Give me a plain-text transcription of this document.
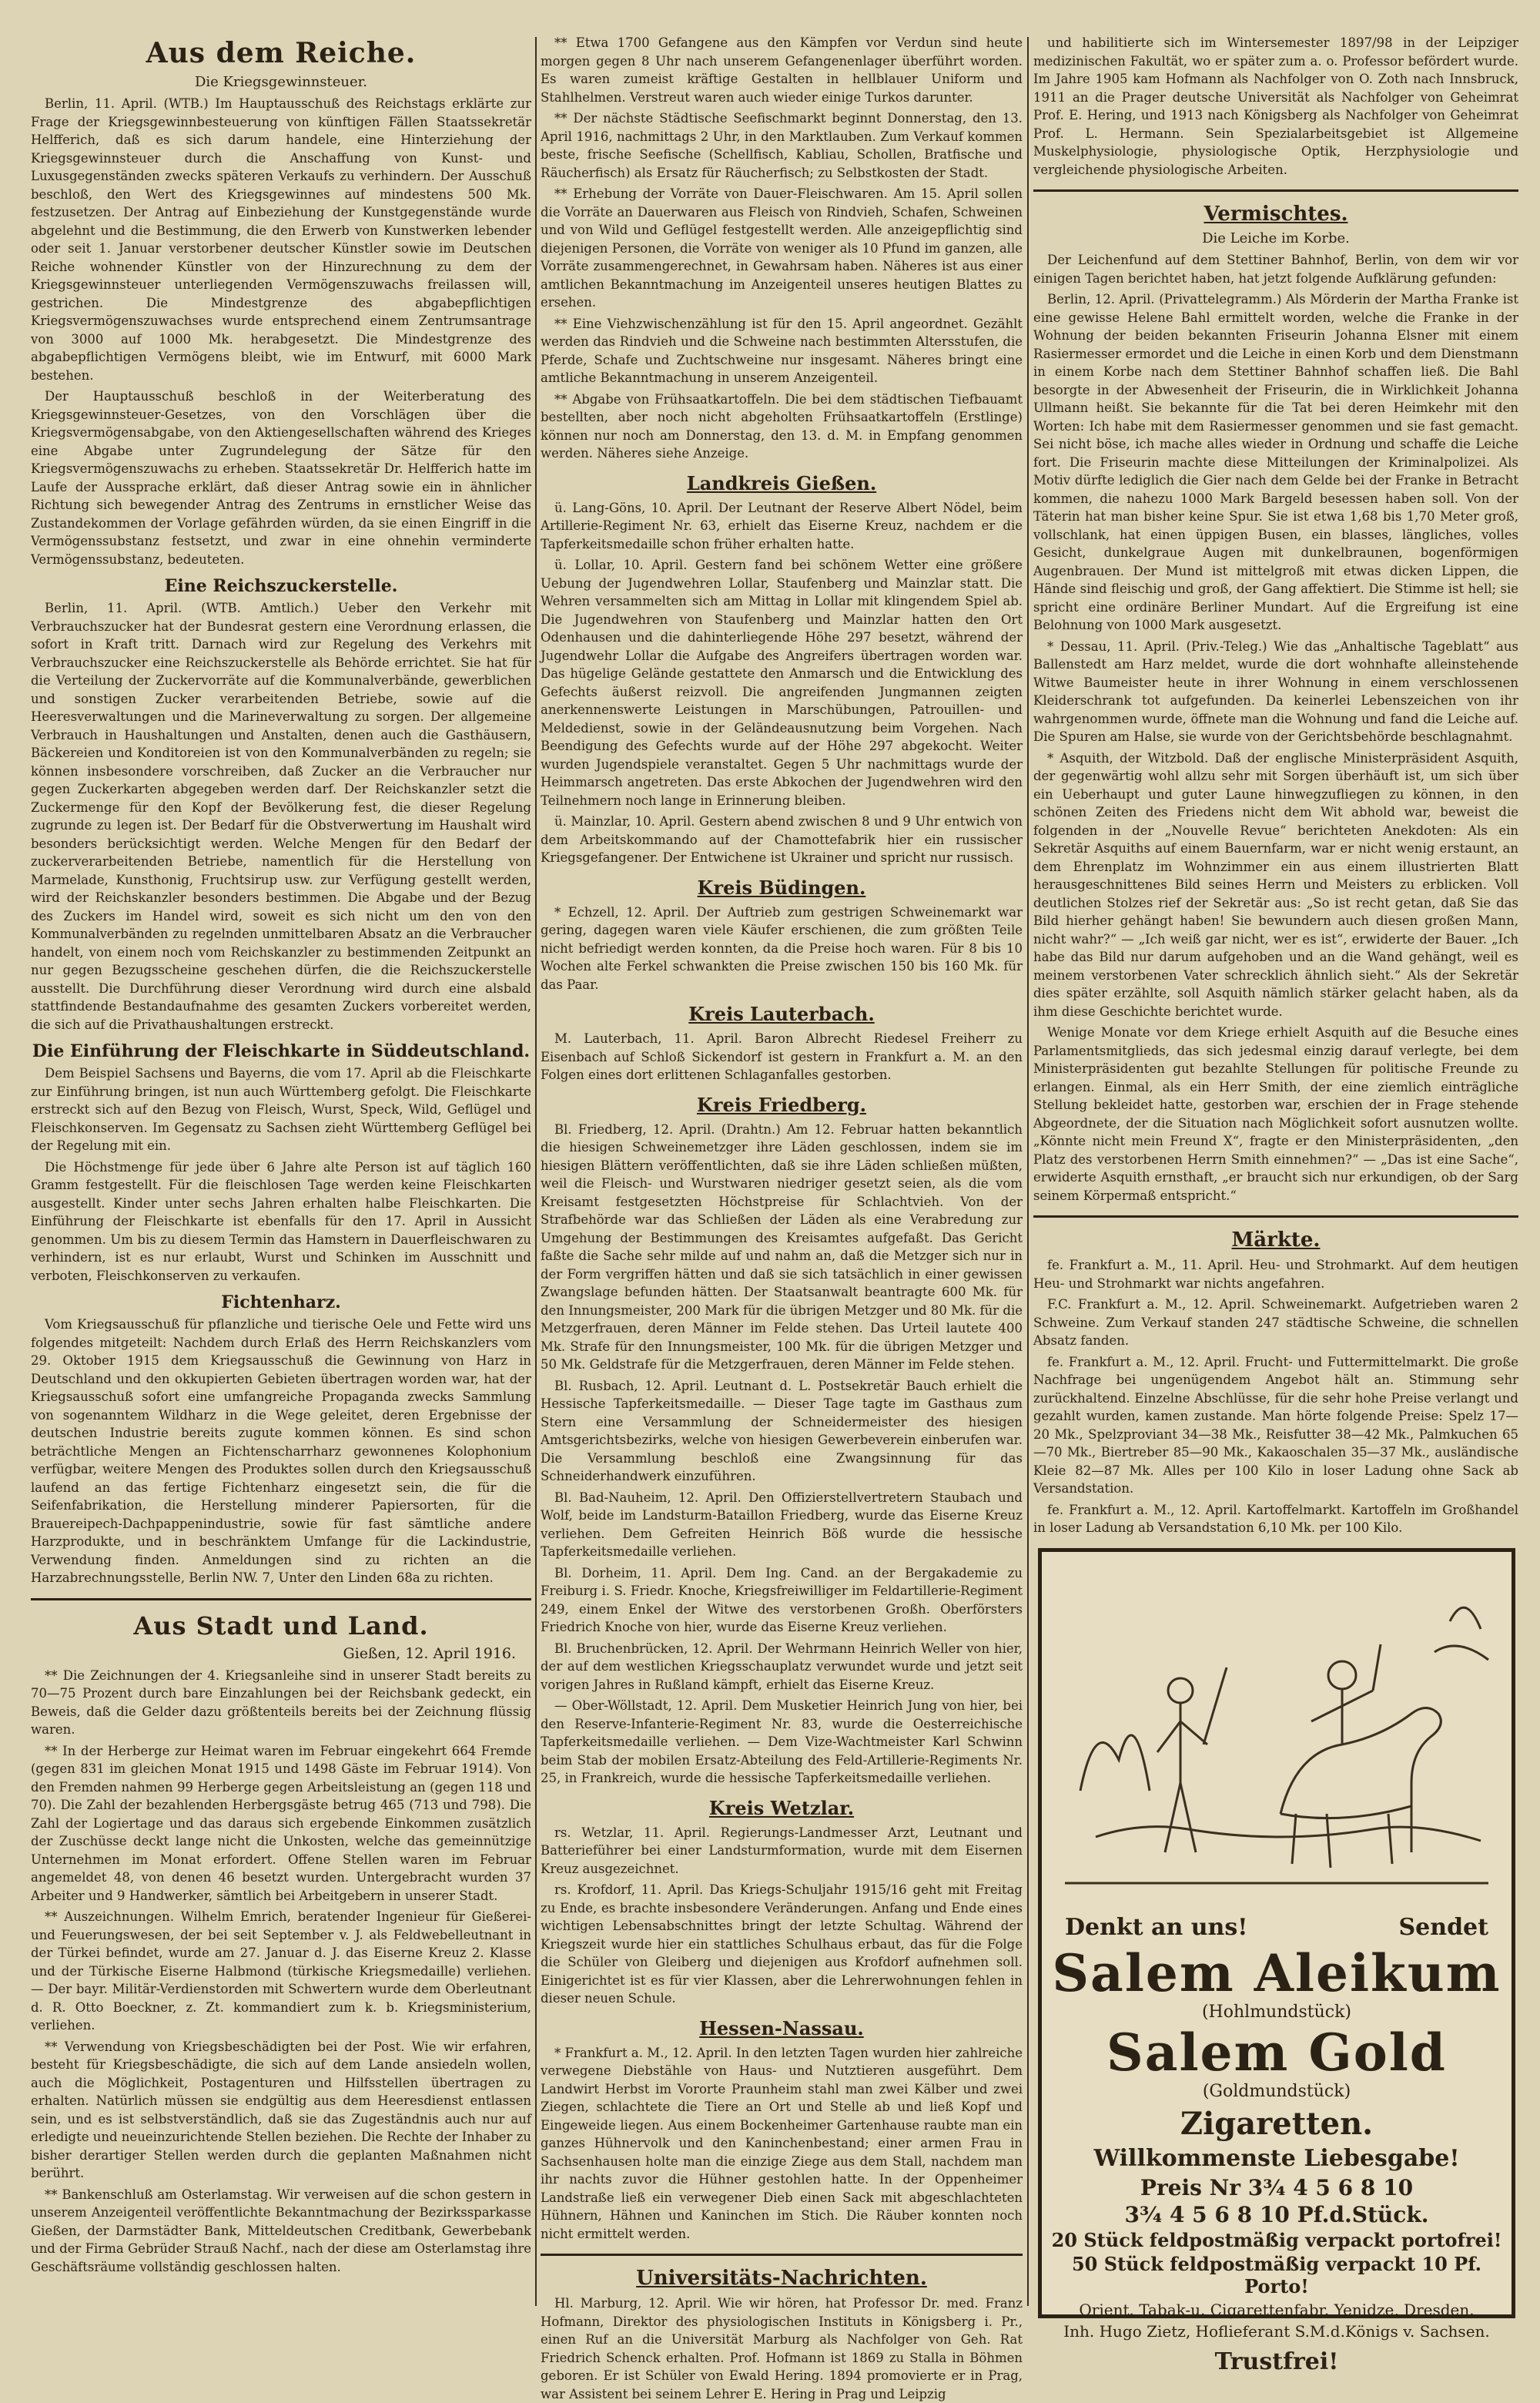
Aus dem Reiche.
Die Kriegsgewinnsteuer.

Berlin, 11. April. (WTB.) Im Hauptausschuß des Reichstags erklärte zur Frage der Kriegsgewinnbesteuerung von künftigen Fällen Staatssekretär Helfferich, daß es sich darum handele, eine Hinterziehung der Kriegsgewinnsteuer durch die Anschaffung von Kunst- und Luxusgegenständen zwecks späteren Verkaufs zu verhindern. Der Ausschuß beschloß, den Wert des Kriegsgewinnes auf mindestens 500 Mk. festzusetzen. Der Antrag auf Einbeziehung der Kunstgegenstände wurde abgelehnt und die Bestimmung, die den Erwerb von Kunstwerken lebender oder seit 1. Januar verstorbener deutscher Künstler sowie im Deutschen Reiche wohnender Künstler von der Hinzurechnung zu dem der Kriegsgewinnsteuer unterliegenden Vermögenszuwachs freilassen will, gestrichen. Die Mindestgrenze des abgabepflichtigen Kriegsvermögenszuwachses wurde entsprechend einem Zentrumsantrage von 3000 auf 1000 Mk. herabgesetzt. Die Mindestgrenze des abgabepflichtigen Vermögens bleibt, wie im Entwurf, mit 6000 Mark bestehen.

Der Hauptausschuß beschloß in der Weiterberatung des Kriegsgewinnsteuer-Gesetzes, von den Vorschlägen über die Kriegsvermögensabgabe, von den Aktiengesellschaften während des Krieges eine Abgabe unter Zugrundelegung der Sätze für den Kriegsvermögenszuwachs zu erheben. Staatssekretär Dr. Helfferich hatte im Laufe der Aussprache erklärt, daß dieser Antrag sowie ein in ähnlicher Richtung sich bewegender Antrag des Zentrums in ernstlicher Weise das Zustandekommen der Vorlage gefährden würden, da sie einen Eingriff in die Vermögenssubstanz festsetzt, und zwar in eine ohnehin verminderte Vermögenssubstanz, bedeuteten.

Eine Reichszuckerstelle.

Berlin, 11. April. (WTB. Amtlich.) Ueber den Verkehr mit Verbrauchszucker hat der Bundesrat gestern eine Verordnung erlassen, die sofort in Kraft tritt. Darnach wird zur Regelung des Verkehrs mit Verbrauchszucker eine Reichszuckerstelle als Behörde errichtet. Sie hat für die Verteilung der Zuckervorräte auf die Kommunalverbände, gewerblichen und sonstigen Zucker verarbeitenden Betriebe, sowie auf die Heeresverwaltungen und die Marineverwaltung zu sorgen. Der allgemeine Verbrauch in Haushaltungen und Anstalten, denen auch die Gasthäusern, Bäckereien und Konditoreien ist von den Kommunalverbänden zu regeln; sie können insbesondere vorschreiben, daß Zucker an die Verbraucher nur gegen Zuckerkarten abgegeben werden darf. Der Reichskanzler setzt die Zuckermenge für den Kopf der Bevölkerung fest, die dieser Regelung zugrunde zu legen ist. Der Bedarf für die Obstverwertung im Haushalt wird besonders berücksichtigt werden. Welche Mengen für den Bedarf der zuckerverarbeitenden Betriebe, namentlich für die Herstellung von Marmelade, Kunsthonig, Fruchtsirup usw. zur Verfügung gestellt werden, wird der Reichskanzler besonders bestimmen. Die Abgabe und der Bezug des Zuckers im Handel wird, soweit es sich nicht um den von den Kommunalverbänden zu regelnden unmittelbaren Absatz an die Verbraucher handelt, von einem noch vom Reichskanzler zu bestimmenden Zeitpunkt an nur gegen Bezugsscheine geschehen dürfen, die die Reichszuckerstelle ausstellt. Die Durchführung dieser Verordnung wird durch eine alsbald stattfindende Bestandaufnahme des gesamten Zuckers vorbereitet werden, die sich auf die Privathaushaltungen erstreckt.

Die Einführung der Fleischkarte in Süddeutschland.

Dem Beispiel Sachsens und Bayerns, die vom 17. April ab die Fleischkarte zur Einführung bringen, ist nun auch Württemberg gefolgt. Die Fleischkarte erstreckt sich auf den Bezug von Fleisch, Wurst, Speck, Wild, Geflügel und Fleischkonserven. Im Gegensatz zu Sachsen zieht Württemberg Geflügel bei der Regelung mit ein.

Die Höchstmenge für jede über 6 Jahre alte Person ist auf täglich 160 Gramm festgestellt. Für die fleischlosen Tage werden keine Fleischkarten ausgestellt. Kinder unter sechs Jahren erhalten halbe Fleischkarten. Die Einführung der Fleischkarte ist ebenfalls für den 17. April in Aussicht genommen. Um bis zu diesem Termin das Hamstern in Dauerfleischwaren zu verhindern, ist es nur erlaubt, Wurst und Schinken im Ausschnitt und verboten, Fleischkonserven zu verkaufen.

Fichtenharz.

Vom Kriegsausschuß für pflanzliche und tierische Oele und Fette wird uns folgendes mitgeteilt: Nachdem durch Erlaß des Herrn Reichskanzlers vom 29. Oktober 1915 dem Kriegsausschuß die Gewinnung von Harz in Deutschland und den okkupierten Gebieten übertragen worden war, hat der Kriegsausschuß sofort eine umfangreiche Propaganda zwecks Sammlung von sogenanntem Wildharz in die Wege geleitet, deren Ergebnisse der deutschen Industrie bereits zugute kommen können. Es sind schon beträchtliche Mengen an Fichtenscharrharz gewonnenes Kolophonium verfügbar, weitere Mengen des Produktes sollen durch den Kriegsausschuß laufend an das fertige Fichtenharz eingesetzt sein, die für die Seifenfabrikation, die Herstellung minderer Papiersorten, für die Brauereipech-Dachpappenindustrie, sowie für fast sämtliche andere Harzprodukte, und in beschränktem Umfange für die Lackindustrie, Verwendung finden. Anmeldungen sind zu richten an die Harzabrechnungsstelle, Berlin NW. 7, Unter den Linden 68a zu richten.

Aus Stadt und Land.
Gießen, 12. April 1916.

** Die Zeichnungen der 4. Kriegsanleihe sind in unserer Stadt bereits zu 70—75 Prozent durch bare Einzahlungen bei der Reichsbank gedeckt, ein Beweis, daß die Gelder dazu größtenteils bereits bei der Zeichnung flüssig waren.

** In der Herberge zur Heimat waren im Februar eingekehrt 664 Fremde (gegen 831 im gleichen Monat 1915 und 1498 Gäste im Februar 1914). Von den Fremden nahmen 99 Herberge gegen Arbeitsleistung an (gegen 118 und 70). Die Zahl der bezahlenden Herbergsgäste betrug 465 (713 und 798). Die Zahl der Logiertage und das daraus sich ergebende Einkommen zusätzlich der Zuschüsse deckt lange nicht die Unkosten, welche das gemeinnützige Unternehmen im Monat erfordert. Offene Stellen waren im Februar angemeldet 48, von denen 46 besetzt wurden. Untergebracht wurden 37 Arbeiter und 9 Handwerker, sämtlich bei Arbeitgebern in unserer Stadt.

** Auszeichnungen. Wilhelm Emrich, beratender Ingenieur für Gießerei- und Feuerungswesen, der bei seit September v. J. als Feldwebelleutnant in der Türkei befindet, wurde am 27. Januar d. J. das Eiserne Kreuz 2. Klasse und der Türkische Eiserne Halbmond (türkische Kriegsmedaille) verliehen. — Der bayr. Militär-Verdienstorden mit Schwertern wurde dem Oberleutnant d. R. Otto Boeckner, z. Zt. kommandiert zum k. b. Kriegsministerium, verliehen.

** Verwendung von Kriegsbeschädigten bei der Post. Wie wir erfahren, besteht für Kriegsbeschädigte, die sich auf dem Lande ansiedeln wollen, auch die Möglichkeit, Postagenturen und Hilfsstellen übertragen zu erhalten. Natürlich müssen sie endgültig aus dem Heeresdienst entlassen sein, und es ist selbstverständlich, daß sie das Zugeständnis auch nur auf erledigte und neueinzurichtende Stellen beziehen. Die Rechte der Inhaber zu bisher derartiger Stellen werden durch die geplanten Maßnahmen nicht berührt.

** Bankenschluß am Osterlamstag. Wir verweisen auf die schon gestern in unserem Anzeigenteil veröffentlichte Bekanntmachung der Bezirkssparkasse Gießen, der Darmstädter Bank, Mitteldeutschen Creditbank, Gewerbebank und der Firma Gebrüder Strauß Nachf., nach der diese am Osterlamstag ihre Geschäftsräume vollständig geschlossen halten.

** Etwa 1700 Gefangene aus den Kämpfen vor Verdun sind heute morgen gegen 8 Uhr nach unserem Gefangenenlager überführt worden. Es waren zumeist kräftige Gestalten in hellblauer Uniform und Stahlhelmen. Verstreut waren auch wieder einige Turkos darunter.

** Der nächste Städtische Seefischmarkt beginnt Donnerstag, den 13. April 1916, nachmittags 2 Uhr, in den Marktlauben. Zum Verkauf kommen beste, frische Seefische (Schellfisch, Kabliau, Schollen, Bratfische und Räucherfisch) als Ersatz für Räucherfisch; zu Selbstkosten der Stadt.

** Erhebung der Vorräte von Dauer-Fleischwaren. Am 15. April sollen die Vorräte an Dauerwaren aus Fleisch von Rindvieh, Schafen, Schweinen und von Wild und Geflügel festgestellt werden. Alle anzeigepflichtig sind diejenigen Personen, die Vorräte von weniger als 10 Pfund im ganzen, alle Vorräte zusammengerechnet, in Gewahrsam haben. Näheres ist aus einer amtlichen Bekanntmachung im Anzeigenteil unseres heutigen Blattes zu ersehen.

** Eine Viehzwischenzählung ist für den 15. April angeordnet. Gezählt werden das Rindvieh und die Schweine nach bestimmten Altersstufen, die Pferde, Schafe und Zuchtschweine nur insgesamt. Näheres bringt eine amtliche Bekanntmachung in unserem Anzeigenteil.

** Abgabe von Frühsaatkartoffeln. Die bei dem städtischen Tiefbauamt bestellten, aber noch nicht abgeholten Frühsaatkartoffeln (Erstlinge) können nur noch am Donnerstag, den 13. d. M. in Empfang genommen werden. Näheres siehe Anzeige.

Landkreis Gießen.

ü. Lang-Göns, 10. April. Der Leutnant der Reserve Albert Nödel, beim Artillerie-Regiment Nr. 63, erhielt das Eiserne Kreuz, nachdem er die Tapferkeitsmedaille schon früher erhalten hatte.

ü. Lollar, 10. April. Gestern fand bei schönem Wetter eine größere Uebung der Jugendwehren Lollar, Staufenberg und Mainzlar statt. Die Wehren versammelten sich am Mittag in Lollar mit klingendem Spiel ab. Die Jugendwehren von Staufenberg und Mainzlar hatten den Ort Odenhausen und die dahinterliegende Höhe 297 besetzt, während der Jugendwehr Lollar die Aufgabe des Angreifers übertragen worden war. Das hügelige Gelände gestattete den Anmarsch und die Entwicklung des Gefechts äußerst reizvoll. Die angreifenden Jungmannen zeigten anerkennenswerte Leistungen in Marschübungen, Patrouillen- und Meldedienst, sowie in der Geländeausnutzung beim Vorgehen. Nach Beendigung des Gefechts wurde auf der Höhe 297 abgekocht. Weiter wurden Jugendspiele veranstaltet. Gegen 5 Uhr nachmittags wurde der Heimmarsch angetreten. Das erste Abkochen der Jugendwehren wird den Teilnehmern noch lange in Erinnerung bleiben.

ü. Mainzlar, 10. April. Gestern abend zwischen 8 und 9 Uhr entwich von dem Arbeitskommando auf der Chamottefabrik hier ein russischer Kriegsgefangener. Der Entwichene ist Ukrainer und spricht nur russisch.

Kreis Büdingen.

* Echzell, 12. April. Der Auftrieb zum gestrigen Schweinemarkt war gering, dagegen waren viele Käufer erschienen, die zum größten Teile nicht befriedigt werden konnten, da die Preise hoch waren. Für 8 bis 10 Wochen alte Ferkel schwankten die Preise zwischen 150 bis 160 Mk. für das Paar.

Kreis Lauterbach.

M. Lauterbach, 11. April. Baron Albrecht Riedesel Freiherr zu Eisenbach auf Schloß Sickendorf ist gestern in Frankfurt a. M. an den Folgen eines dort erlittenen Schlaganfalles gestorben.

Kreis Friedberg.

Bl. Friedberg, 12. April. (Drahtn.) Am 12. Februar hatten bekanntlich die hiesigen Schweinemetzger ihre Läden geschlossen, indem sie im hiesigen Blättern veröffentlichten, daß sie ihre Läden schließen müßten, weil die Fleisch- und Wurstwaren niedriger gesetzt seien, als die vom Kreisamt festgesetzten Höchstpreise für Schlachtvieh. Von der Strafbehörde war das Schließen der Läden als eine Verabredung zur Umgehung der Bestimmungen des Kreisamtes aufgefaßt. Das Gericht faßte die Sache sehr milde auf und nahm an, daß die Metzger sich nur in der Form vergriffen hätten und daß sie sich tatsächlich in einer gewissen Zwangslage befunden hätten. Der Staatsanwalt beantragte 600 Mk. für den Innungsmeister, 200 Mark für die übrigen Metzger und 80 Mk. für die Metzgerfrauen, deren Männer im Felde stehen. Das Urteil lautete 400 Mk. Strafe für den Innungsmeister, 100 Mk. für die übrigen Metzger und 50 Mk. Geldstrafe für die Metzgerfrauen, deren Männer im Felde stehen.

Bl. Rusbach, 12. April. Leutnant d. L. Postsekretär Bauch erhielt die Hessische Tapferkeitsmedaille. — Dieser Tage tagte im Gasthaus zum Stern eine Versammlung der Schneidermeister des hiesigen Amtsgerichtsbezirks, welche von hiesigen Gewerbeverein einberufen war. Die Versammlung beschloß eine Zwangsinnung für das Schneiderhandwerk einzuführen.

Bl. Bad-Nauheim, 12. April. Den Offizierstellvertretern Staubach und Wolf, beide im Landsturm-Bataillon Friedberg, wurde das Eiserne Kreuz verliehen. Dem Gefreiten Heinrich Böß wurde die hessische Tapferkeitsmedaille verliehen.

Bl. Dorheim, 11. April. Dem Ing. Cand. an der Bergakademie zu Freiburg i. S. Friedr. Knoche, Kriegsfreiwilliger im Feldartillerie-Regiment 249, einem Enkel der Witwe des verstorbenen Großh. Oberförsters Friedrich Knoche von hier, wurde das Eiserne Kreuz verliehen.

Bl. Bruchenbrücken, 12. April. Der Wehrmann Heinrich Weller von hier, der auf dem westlichen Kriegsschauplatz verwundet wurde und jetzt seit vorigen Jahres in Rußland kämpft, erhielt das Eiserne Kreuz.

— Ober-Wöllstadt, 12. April. Dem Musketier Heinrich Jung von hier, bei den Reserve-Infanterie-Regiment Nr. 83, wurde die Oesterreichische Tapferkeitsmedaille verliehen. — Dem Vize-Wachtmeister Karl Schwinn beim Stab der mobilen Ersatz-Abteilung des Feld-Artillerie-Regiments Nr. 25, in Frankreich, wurde die hessische Tapferkeitsmedaille verliehen.

Kreis Wetzlar.

rs. Wetzlar, 11. April. Regierungs-Landmesser Arzt, Leutnant und Batterieführer bei einer Landsturmformation, wurde mit dem Eisernen Kreuz ausgezeichnet.

rs. Krofdorf, 11. April. Das Kriegs-Schuljahr 1915/16 geht mit Freitag zu Ende, es brachte insbesondere Veränderungen. Anfang und Ende eines wichtigen Lebensabschnittes bringt der letzte Schultag. Während der Kriegszeit wurde hier ein stattliches Schulhaus erbaut, das für die Folge die Schüler von Gleiberg und diejenigen aus Krofdorf aufnehmen soll. Einigerichtet ist es für vier Klassen, aber die Lehrerwohnungen fehlen in dieser neuen Schule.

Hessen-Nassau.

* Frankfurt a. M., 12. April. In den letzten Tagen wurden hier zahlreiche verwegene Diebstähle von Haus- und Nutztieren ausgeführt. Dem Landwirt Herbst im Vororte Praunheim stahl man zwei Kälber und zwei Ziegen, schlachtete die Tiere an Ort und Stelle ab und ließ Kopf und Eingeweide liegen. Aus einem Bockenheimer Gartenhause raubte man ein ganzes Hühnervolk und den Kaninchenbestand; einer armen Frau in Sachsenhausen holte man die einzige Ziege aus dem Stall, nachdem man ihr nachts zuvor die Hühner gestohlen hatte. In der Oppenheimer Landstraße ließ ein verwegener Dieb einen Sack mit abgeschlachteten Hühnern, Hähnen und Kaninchen im Stich. Die Räuber konnten noch nicht ermittelt werden.

Universitäts-Nachrichten.

Hl. Marburg, 12. April. Wie wir hören, hat Professor Dr. med. Franz Hofmann, Direktor des physiologischen Instituts in Königsberg i. Pr., einen Ruf an die Universität Marburg als Nachfolger von Geh. Rat Friedrich Schenck erhalten. Prof. Hofmann ist 1869 zu Stalla in Böhmen geboren. Er ist Schüler von Ewald Hering. 1894 promovierte er in Prag, war Assistent bei seinem Lehrer E. Hering in Prag und Leipzig

und habilitierte sich im Wintersemester 1897/98 in der Leipziger medizinischen Fakultät, wo er später zum a. o. Professor befördert wurde. Im Jahre 1905 kam Hofmann als Nachfolger von O. Zoth nach Innsbruck, 1911 an die Prager deutsche Universität als Nachfolger von Geheimrat Prof. E. Hering, und 1913 nach Königsberg als Nachfolger von Geheimrat Prof. L. Hermann. Sein Spezialarbeitsgebiet ist Allgemeine Muskelphysiologie, physiologische Optik, Herzphysiologie und vergleichende physiologische Arbeiten.

Vermischtes.
Die Leiche im Korbe.

Der Leichenfund auf dem Stettiner Bahnhof, Berlin, von dem wir vor einigen Tagen berichtet haben, hat jetzt folgende Aufklärung gefunden:

Berlin, 12. April. (Privattelegramm.) Als Mörderin der Martha Franke ist eine gewisse Helene Bahl ermittelt worden, welche die Franke in der Wohnung der beiden bekannten Friseurin Johanna Elsner mit einem Rasiermesser ermordet und die Leiche in einen Korb und dem Dienstmann in einem Korbe nach dem Stettiner Bahnhof schaffen ließ. Die Bahl besorgte in der Abwesenheit der Friseurin, die in Wirklichkeit Johanna Ullmann heißt. Sie bekannte für die Tat bei deren Heimkehr mit den Worten: Ich habe mit dem Rasiermesser genommen und sie fast gemacht. Sei nicht böse, ich mache alles wieder in Ordnung und schaffe die Leiche fort. Die Friseurin machte diese Mitteilungen der Kriminalpolizei. Als Motiv dürfte lediglich die Gier nach dem Gelde bei der Franke in Betracht kommen, die nahezu 1000 Mark Bargeld besessen haben soll. Von der Täterin hat man bisher keine Spur. Sie ist etwa 1,68 bis 1,70 Meter groß, vollschlank, hat einen üppigen Busen, ein blasses, längliches, volles Gesicht, dunkelgraue Augen mit dunkelbraunen, bogenförmigen Augenbrauen. Der Mund ist mittelgroß mit etwas dicken Lippen, die Hände sind fleischig und groß, der Gang affektiert. Die Stimme ist hell; sie spricht eine ordinäre Berliner Mundart. Auf die Ergreifung ist eine Belohnung von 1000 Mark ausgesetzt.

* Dessau, 11. April. (Priv.-Teleg.) Wie das „Anhaltische Tageblatt“ aus Ballenstedt am Harz meldet, wurde die dort wohnhafte alleinstehende Witwe Baumeister heute in ihrer Wohnung in einem verschlossenen Kleiderschrank tot aufgefunden. Da keinerlei Lebenszeichen von ihr wahrgenommen wurde, öffnete man die Wohnung und fand die Leiche auf. Die Spuren am Halse, sie wurde von der Gerichtsbehörde beschlagnahmt.

* Asquith, der Witzbold. Daß der englische Ministerpräsident Asquith, der gegenwärtig wohl allzu sehr mit Sorgen überhäuft ist, um sich über ein Ueberhaupt und guter Laune hinwegzufliegen zu können, in den schönen Zeiten des Friedens nicht dem Wit abhold war, beweist die folgenden in der „Nouvelle Revue“ berichteten Anekdoten: Als ein Sekretär Asquiths auf einem Bauernfarm, war er nicht wenig erstaunt, an dem Ehrenplatz im Wohnzimmer ein aus einem illustrierten Blatt herausgeschnittenes Bild seines Herrn und Meisters zu erblicken. Voll deutlichen Stolzes rief der Sekretär aus: „So ist recht getan, daß Sie das Bild hierher gehängt haben! Sie bewundern auch diesen großen Mann, nicht wahr?“ — „Ich weiß gar nicht, wer es ist“, erwiderte der Bauer. „Ich habe das Bild nur darum aufgehoben und an die Wand gehängt, weil es meinem verstorbenen Vater schrecklich ähnlich sieht.“ Als der Sekretär dies später erzählte, soll Asquith nämlich stärker gelacht haben, als da ihm diese Geschichte berichtet wurde.

Wenige Monate vor dem Kriege erhielt Asquith auf die Besuche eines Parlamentsmitglieds, das sich jedesmal einzig darauf verlegte, bei dem Ministerpräsidenten gut bezahlte Stellungen für politische Freunde zu erlangen. Einmal, als ein Herr Smith, der eine ziemlich einträgliche Stellung bekleidet hatte, gestorben war, erschien der in Frage stehende Abgeordnete, der die Situation nach Möglichkeit sofort ausnutzen wollte. „Könnte nicht mein Freund X“, fragte er den Ministerpräsidenten, „den Platz des verstorbenen Herrn Smith einnehmen?“ — „Das ist eine Sache“, erwiderte Asquith ernsthaft, „er braucht sich nur erkundigen, ob der Sarg seinem Körpermaß entspricht.“

Märkte.

fe. Frankfurt a. M., 11. April. Heu- und Strohmarkt. Auf dem heutigen Heu- und Strohmarkt war nichts angefahren.

F.C. Frankfurt a. M., 12. April. Schweinemarkt. Aufgetrieben waren 2 Schweine. Zum Verkauf standen 247 städtische Schweine, die schnellen Absatz fanden.

fe. Frankfurt a. M., 12. April. Frucht- und Futtermittelmarkt. Die große Nachfrage bei ungenügendem Angebot hält an. Stimmung sehr zurückhaltend. Einzelne Abschlüsse, für die sehr hohe Preise verlangt und gezahlt wurden, kamen zustande. Man hörte folgende Preise: Spelz 17—20 Mk., Spelzproviant 34—38 Mk., Reisfutter 38—42 Mk., Palmkuchen 65—70 Mk., Biertreber 85—90 Mk., Kakaoschalen 35—37 Mk., ausländische Kleie 82—87 Mk. Alles per 100 Kilo in loser Ladung ohne Sack ab Versandstation.

fe. Frankfurt a. M., 12. April. Kartoffelmarkt. Kartoffeln im Großhandel in loser Ladung ab Versandstation 6,10 Mk. per 100 Kilo.

Denkt an uns!	Sendet
Salem Aleikum
(Hohlmundstück)
Salem Gold
(Goldmundstück)
Zigaretten.
Willkommenste Liebesgabe!
Preis Nr 3¾ 4 5 6 8 10
3¾ 4 5 6 8 10 Pf.d.Stück.
20 Stück feldpostmäßig verpackt portofrei!
50 Stück feldpostmäßig verpackt 10 Pf. Porto!
Orient. Tabak-u. Cigarettenfabr. Yenidze, Dresden.
Inh. Hugo Zietz, Hoflieferant S.M.d.Königs v. Sachsen.
Trustfrei!
